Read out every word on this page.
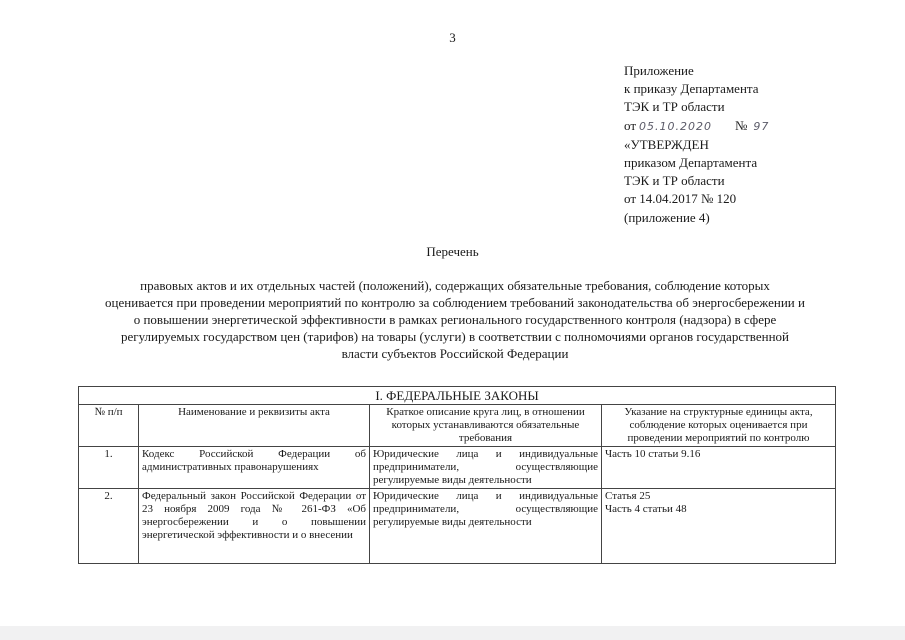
3
Приложение
к приказу Департамента
ТЭК и ТР области
от 05.10.2020 № 97
«УТВЕРЖДЕН
приказом Департамента
ТЭК и ТР области
от 14.04.2017 № 120
(приложение 4)
Перечень
правовых актов и их отдельных частей (положений), содержащих обязательные требования, соблюдение которых оценивается при проведении мероприятий по контролю за соблюдением требований законодательства об энергосбережении и о повышении энергетической эффективности в рамках регионального государственного контроля (надзора) в сфере регулируемых государством цен (тарифов) на товары (услуги) в соответствии с полномочиями органов государственной власти субъектов Российской Федерации
I. ФЕДЕРАЛЬНЫЕ ЗАКОНЫ			
№ п/п	Наименование и реквизиты акта	Краткое описание круга лиц, в отношении которых устанавливаются обязательные требования	Указание на структурные единицы акта, соблюдение которых оценивается при проведении мероприятий по контролю
1.	Кодекс Российской Федерации об административных правонарушениях	Юридические лица и индивидуальные предприниматели, осуществляющие регулируемые виды деятельности	Часть 10 статьи 9.16

2.	Федеральный закон Российской Федерации от 23 ноября 2009 года № 261-ФЗ «Об энергосбережении и о повышении энергетической эффективности и о внесении	Юридические лица и индивидуальные предприниматели, осуществляющие регулируемые виды деятельности	Статья 25
Часть 4 статьи 48
